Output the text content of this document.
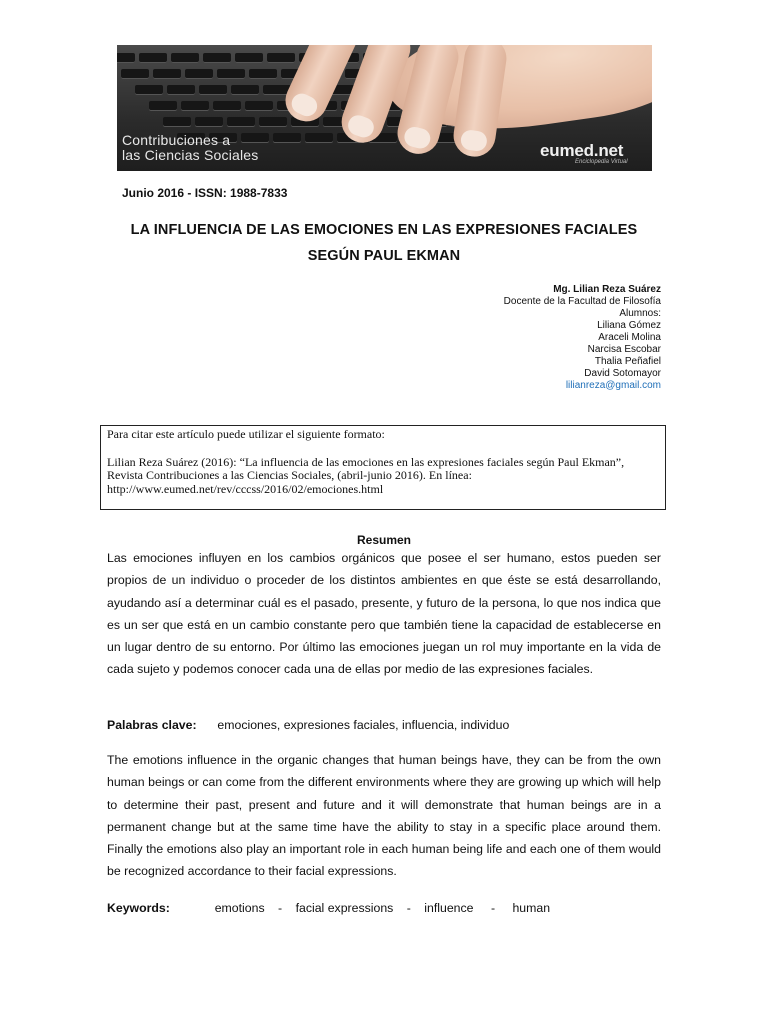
Contribuciones a
las Ciencias Sociales	eumed.net
Enciclopedia Virtual
Junio 2016 - ISSN: 1988-7833
LA INFLUENCIA DE LAS EMOCIONES EN LAS EXPRESIONES FACIALES
SEGÚN PAUL EKMAN
Mg. Lilian Reza Suárez
Docente de la Facultad de Filosofía
Alumnos:
Liliana Gómez
Araceli Molina
Narcisa Escobar
Thalia Peñafiel
David Sotomayor
lilianreza@gmail.com

Para citar este artículo puede utilizar el siguiente formato:

Lilian Reza Suárez (2016): “La influencia de las emociones en las expresiones faciales según Paul Ekman”,

Revista Contribuciones a las Ciencias Sociales, (abril-junio 2016). En línea:

http://www.eumed.net/rev/cccss/2016/02/emociones.html

Resumen
Las emociones influyen en los cambios orgánicos que posee el ser humano, estos pueden ser propios de un individuo o proceder de los distintos ambientes en que éste se está desarrollando, ayudando así a determinar cuál es el pasado, presente, y futuro de la persona, lo que nos indica que es un ser que está en un cambio constante pero que también tiene la capacidad de establecerse en un lugar dentro de su entorno. Por último las emociones juegan un rol muy importante en la vida de cada sujeto y podemos conocer cada una de ellas por medio de las expresiones faciales.
Palabras clave: emociones, expresiones faciales, influencia, individuo
The emotions influence in the organic changes that human beings have, they can be from the own human beings or can come from the different environments where they are growing up which will help to determine their past, present and future and it will demonstrate that human beings are in a permanent change but at the same time have the ability to stay in a specific place around them. Finally the emotions also play an important role in each human being life and each one of them would be recognized accordance to their facial expressions.
Keywords:	emotions - facial expressions - influence - human
